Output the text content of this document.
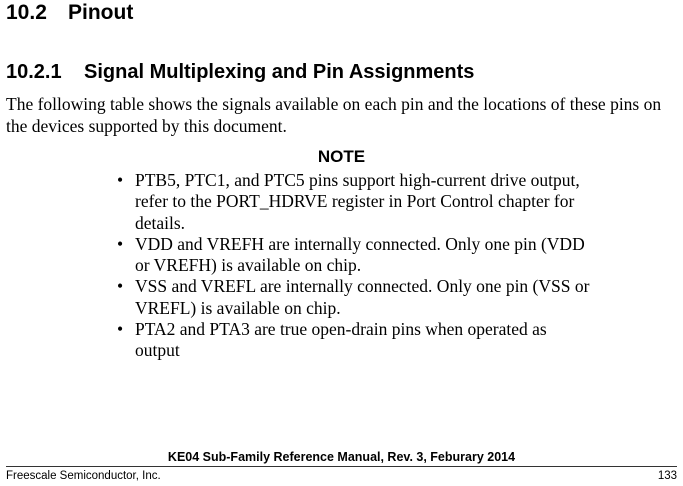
10.2 Pinout
10.2.1 Signal Multiplexing and Pin Assignments

The following table shows the signals available on each pin and the locations of these pins on the devices supported by this document.

NOTE
• PTB5, PTC1, and PTC5 pins support high-current drive output, refer to the PORT_HDRVE register in Port Control chapter for details.
• VDD and VREFH are internally connected. Only one pin (VDD or VREFH) is available on chip.
• VSS and VREFL are internally connected. Only one pin (VSS or VREFL) is available on chip.
• PTA2 and PTA3 are true open-drain pins when operated as output
KE04 Sub-Family Reference Manual, Rev. 3, Feburary 2014
Freescale Semiconductor, Inc.	133
